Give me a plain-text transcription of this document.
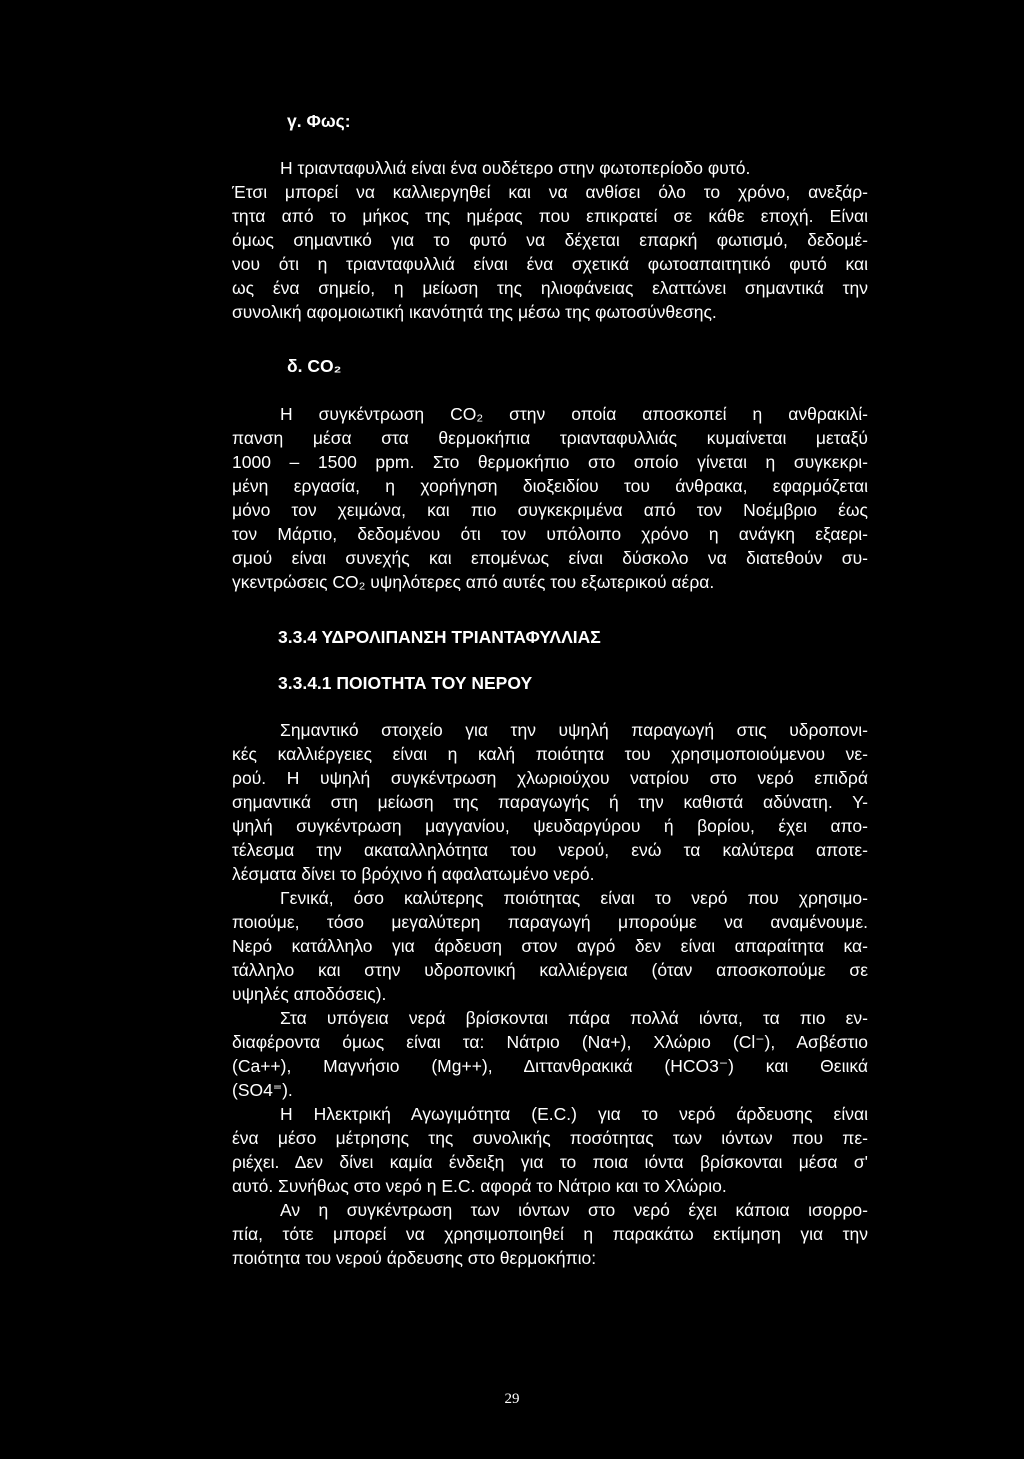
γ. Φως:

Η τριανταφυλλιά είναι ένα ουδέτερο στην φωτοπερίοδο φυτό.
Έτσι μπορεί να καλλιεργηθεί και να ανθίσει όλο το χρόνο, ανεξάρ-
τητα από το μήκος της ημέρας που επικρατεί σε κάθε εποχή. Είναι
όμως σημαντικό για το φυτό να δέχεται επαρκή φωτισμό, δεδομέ-
νου ότι η τριανταφυλλιά είναι ένα σχετικά φωτοαπαιτητικό φυτό και
ως ένα σημείο, η μείωση της ηλιοφάνειας ελαττώνει σημαντικά την
συνολική αφομοιωτική ικανότητά της μέσω της φωτοσύνθεσης.

δ. CO₂

Η συγκέντρωση CO₂ στην οποία αποσκοπεί η ανθρακιλί-
πανση μέσα στα θερμοκήπια τριανταφυλλιάς κυμαίνεται μεταξύ
1000 – 1500 ppm. Στο θερμοκήπιο στο οποίο γίνεται η συγκεκρι-
μένη εργασία, η χορήγηση διοξειδίου του άνθρακα, εφαρμόζεται
μόνο τον χειμώνα, και πιο συγκεκριμένα από τον Νοέμβριο έως
τον Μάρτιο, δεδομένου ότι τον υπόλοιπο χρόνο η ανάγκη εξαερι-
σμού είναι συνεχής και επομένως είναι δύσκολο να διατεθούν συ-
γκεντρώσεις CO₂ υψηλότερες από αυτές του εξωτερικού αέρα.

3.3.4 ΥΔΡΟΛΙΠΑΝΣΗ ΤΡΙΑΝΤΑΦΥΛΛΙΑΣ

3.3.4.1 ΠΟΙΟΤΗΤΑ ΤΟΥ ΝΕΡΟΥ

Σημαντικό στοιχείο για την υψηλή παραγωγή στις υδροπονι-
κές καλλιέργειες είναι η καλή ποιότητα του χρησιμοποιούμενου νε-
ρού. Η υψηλή συγκέντρωση χλωριούχου νατρίου στο νερό επιδρά
σημαντικά στη μείωση της παραγωγής ή την καθιστά αδύνατη. Υ-
ψηλή συγκέντρωση μαγγανίου, ψευδαργύρου ή βορίου, έχει απο-
τέλεσμα την ακαταλληλότητα του νερού, ενώ τα καλύτερα αποτε-
λέσματα δίνει το βρόχινο ή αφαλατωμένο νερό.
Γενικά, όσο καλύτερης ποιότητας είναι το νερό που χρησιμο-
ποιούμε, τόσο μεγαλύτερη παραγωγή μπορούμε να αναμένουμε.
Νερό κατάλληλο για άρδευση στον αγρό δεν είναι απαραίτητα κα-
τάλληλο και στην υδροπονική καλλιέργεια (όταν αποσκοπούμε σε
υψηλές αποδόσεις).
Στα υπόγεια νερά βρίσκονται πάρα πολλά ιόντα, τα πιο εν-
διαφέροντα όμως είναι τα: Νάτριο (Να+), Χλώριο (Cl⁻), Ασβέστιο
(Ca++), Μαγνήσιο (Mg++), Διττανθρακικά (HCO3⁻) και Θειικά
(SO4⁼).
Η Ηλεκτρική Αγωγιμότητα (Ε.C.) για το νερό άρδευσης είναι
ένα μέσο μέτρησης της συνολικής ποσότητας των ιόντων που πε-
ριέχει. Δεν δίνει καμία ένδειξη για το ποια ιόντα βρίσκονται μέσα σ'
αυτό. Συνήθως στο νερό η Ε.C. αφορά το Νάτριο και το Χλώριο.
Αν η συγκέντρωση των ιόντων στο νερό έχει κάποια ισορρο-
πία, τότε μπορεί να χρησιμοποιηθεί η παρακάτω εκτίμηση για την
ποιότητα του νερού άρδευσης στο θερμοκήπιο:
29
